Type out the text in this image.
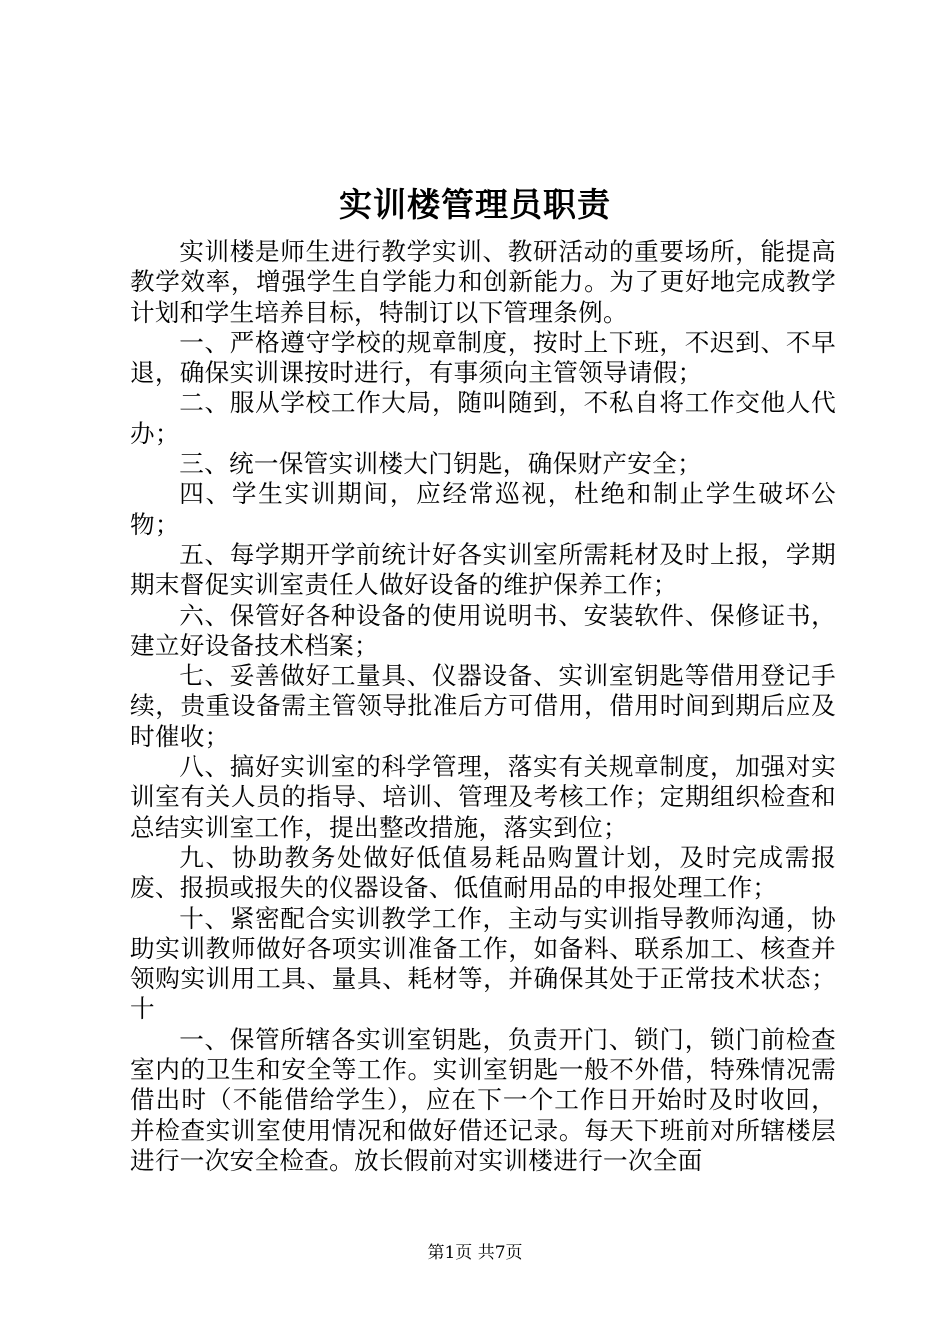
实训楼管理员职责

实训楼是师生进行教学实训、教研活动的重要场所，能提高教学效率，增强学生自学能力和创新能力。为了更好地完成教学计划和学生培养目标，特制订以下管理条例。

一、严格遵守学校的规章制度，按时上下班，不迟到、不早退，确保实训课按时进行，有事须向主管领导请假；

二、服从学校工作大局，随叫随到，不私自将工作交他人代办；

三、统一保管实训楼大门钥匙，确保财产安全；

四、学生实训期间，应经常巡视，杜绝和制止学生破坏公物；

五、每学期开学前统计好各实训室所需耗材及时上报，学期期末督促实训室责任人做好设备的维护保养工作；

六、保管好各种设备的使用说明书、安装软件、保修证书，建立好设备技术档案；

七、妥善做好工量具、仪器设备、实训室钥匙等借用登记手续，贵重设备需主管领导批准后方可借用，借用时间到期后应及时催收；

八、搞好实训室的科学管理，落实有关规章制度，加强对实训室有关人员的指导、培训、管理及考核工作；定期组织检查和总结实训室工作，提出整改措施，落实到位；

九、协助教务处做好低值易耗品购置计划，及时完成需报废、报损或报失的仪器设备、低值耐用品的申报处理工作；

十、紧密配合实训教学工作，主动与实训指导教师沟通，协助实训教师做好各项实训准备工作，如备料、联系加工、核查并领购实训用工具、量具、耗材等，并确保其处于正常技术状态；十

一、保管所辖各实训室钥匙，负责开门、锁门，锁门前检查室内的卫生和安全等工作。实训室钥匙一般不外借，特殊情况需借出时（不能借给学生），应在下一个工作日开始时及时收回，并检查实训室使用情况和做好借还记录。每天下班前对所辖楼层进行一次安全检查。放长假前对实训楼进行一次全面

第1页 共7页
